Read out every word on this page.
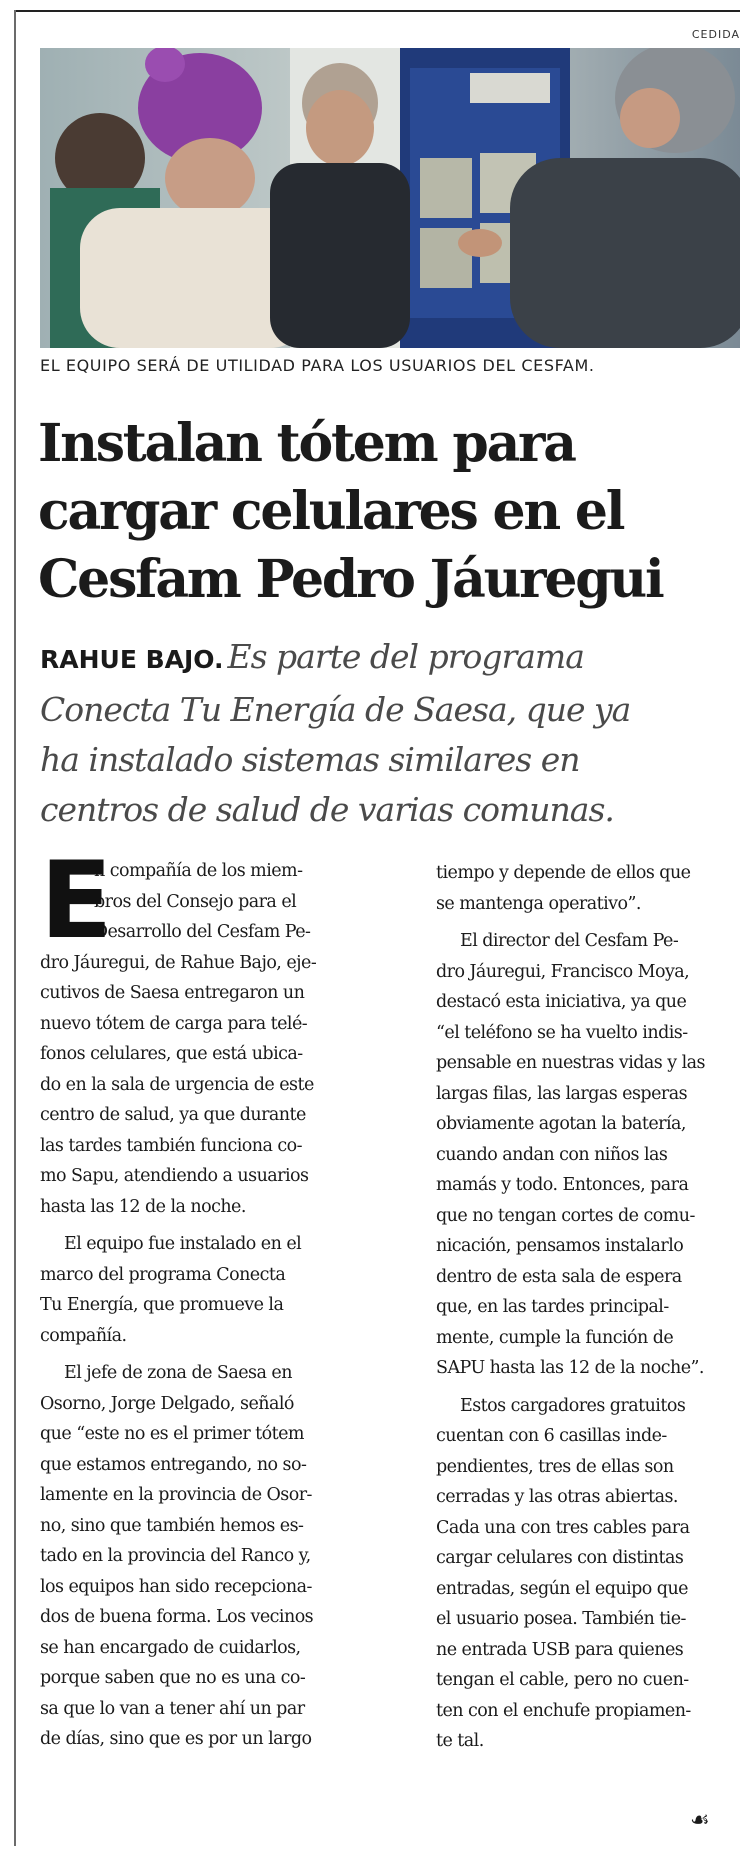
CEDIDA
EL EQUIPO SERÁ DE UTILIDAD PARA LOS USUARIOS DEL CESFAM.
Instalan tótem para
cargar celulares en el
Cesfam Pedro Jáuregui
RAHUE BAJO. Es parte del programa
Conecta Tu Energía de Saesa, que ya
ha instalado sistemas similares en
centros de salud de varias comunas.
E
n compañía de los miem-
bros del Consejo para el
Desarrollo del Cesfam Pe-
dro Jáuregui, de Rahue Bajo, eje-
cutivos de Saesa entregaron un
nuevo tótem de carga para telé-
fonos celulares, que está ubica-
do en la sala de urgencia de este
centro de salud, ya que durante
las tardes también funciona co-
mo Sapu, atendiendo a usuarios
hasta las 12 de la noche.
El equipo fue instalado en el
marco del programa Conecta
Tu Energía, que promueve la
compañía.
El jefe de zona de Saesa en
Osorno, Jorge Delgado, señaló
que “este no es el primer tótem
que estamos entregando, no so-
lamente en la provincia de Osor-
no, sino que también hemos es-
tado en la provincia del Ranco y,
los equipos han sido recepciona-
dos de buena forma. Los vecinos
se han encargado de cuidarlos,
porque saben que no es una co-
sa que lo van a tener ahí un par
de días, sino que es por un largo
tiempo y depende de ellos que
se mantenga operativo”.
El director del Cesfam Pe-
dro Jáuregui, Francisco Moya,
destacó esta iniciativa, ya que
“el teléfono se ha vuelto indis-
pensable en nuestras vidas y las
largas filas, las largas esperas
obviamente agotan la batería,
cuando andan con niños las
mamás y todo. Entonces, para
que no tengan cortes de comu-
nicación, pensamos instalarlo
dentro de esta sala de espera
que, en las tardes principal-
mente, cumple la función de
SAPU hasta las 12 de la noche”.
Estos cargadores gratuitos
cuentan con 6 casillas inde-
pendientes, tres de ellas son
cerradas y las otras abiertas.
Cada una con tres cables para
cargar celulares con distintas
entradas, según el equipo que
el usuario posea. También tie-
ne entrada USB para quienes
tengan el cable, pero no cuen-
ten con el enchufe propiamen-
te tal.
☙
